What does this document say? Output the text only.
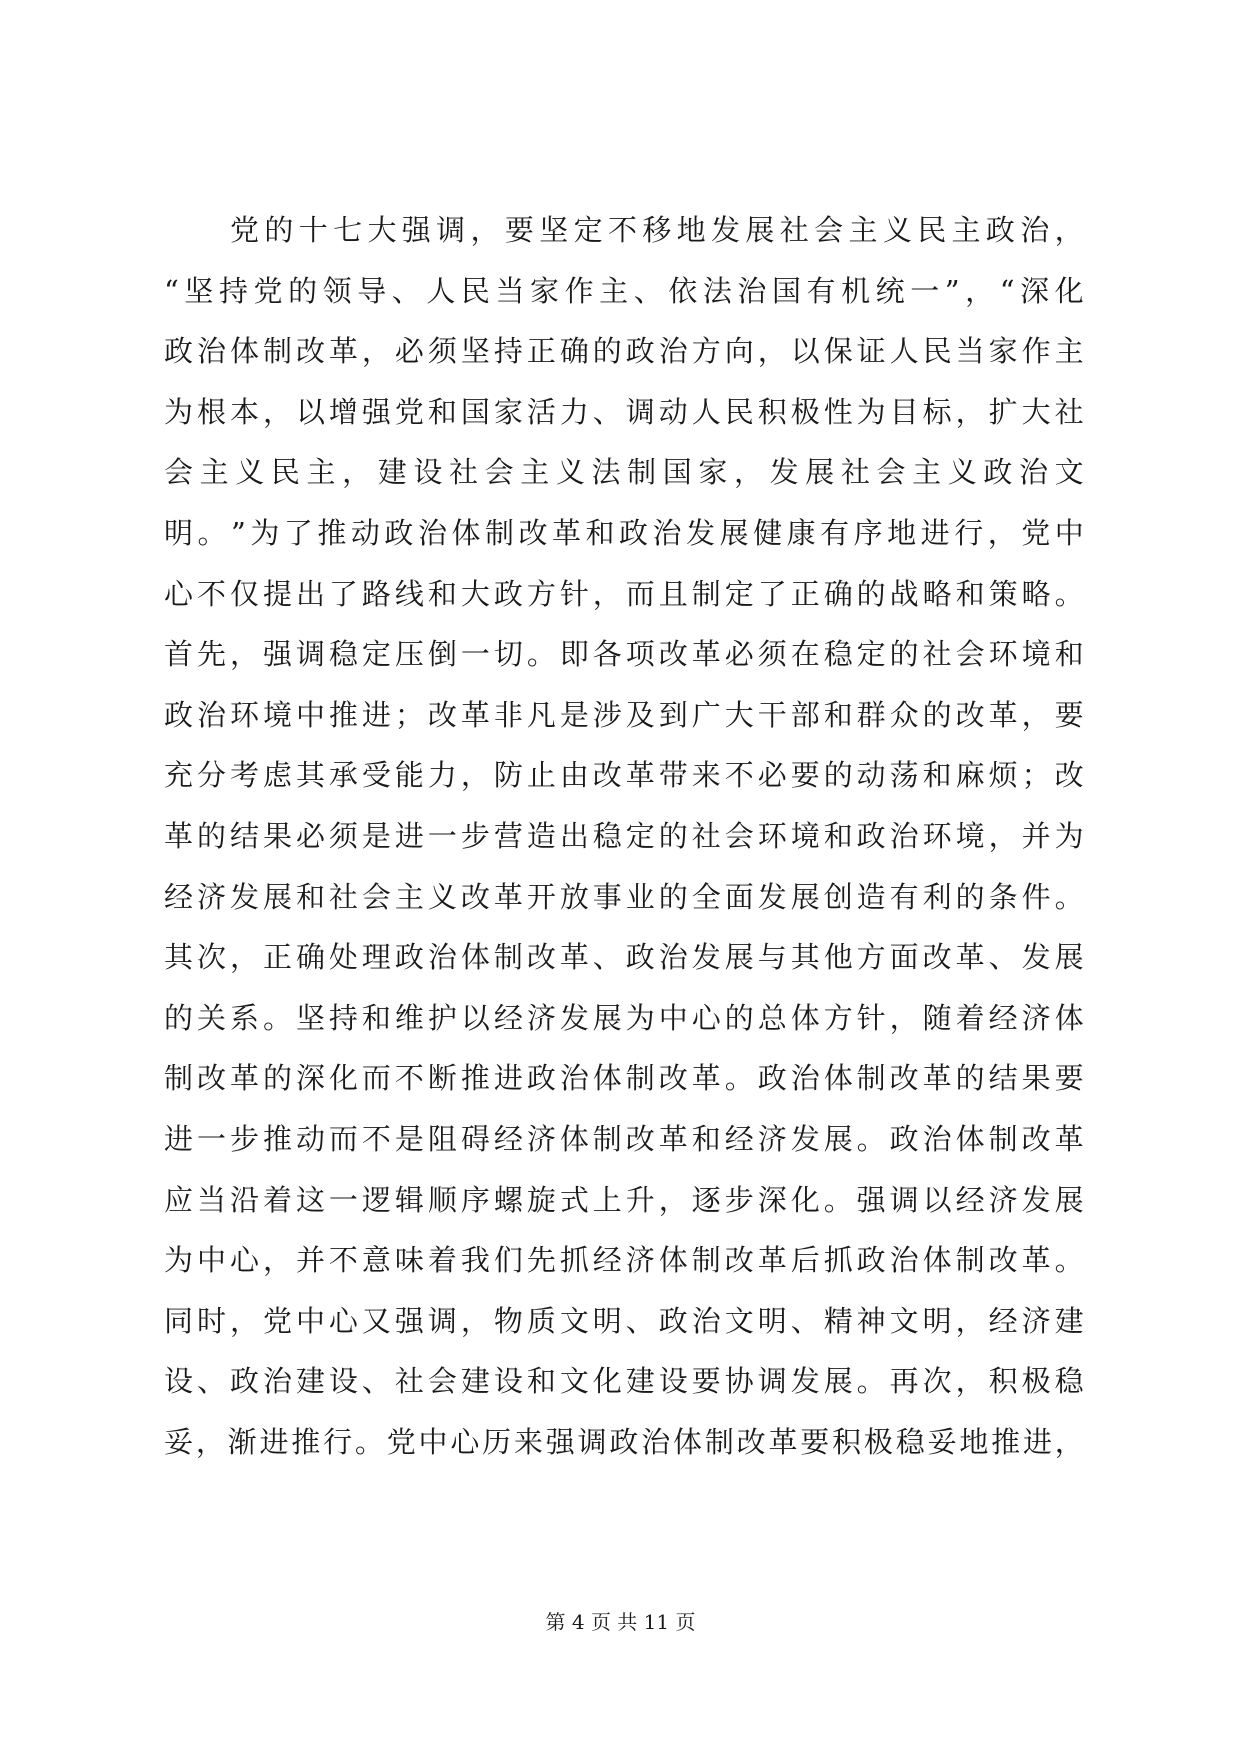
党 的 十 七 大 强 调 ， 要 坚 定 不 移 地 发 展 社 会 主 义 民 主 政 治 ，
“ 坚 持 党 的 领 导 、 人 民 当 家 作 主 、 依 法 治 国 有 机 统 一 ” ， “ 深 化
政 治 体 制 改 革 ， 必 须 坚 持 正 确 的 政 治 方 向 ， 以 保 证 人 民 当 家 作 主
为 根 本 ， 以 增 强 党 和 国 家 活 力 、 调 动 人 民 积 极 性 为 目 标 ， 扩 大 社
会 主 义 民 主 ， 建 设 社 会 主 义 法 制 国 家 ， 发 展 社 会 主 义 政 治 文
明 。 ” 为 了 推 动 政 治 体 制 改 革 和 政 治 发 展 健 康 有 序 地 进 行 ， 党 中
心 不 仅 提 出 了 路 线 和 大 政 方 针 ， 而 且 制 定 了 正 确 的 战 略 和 策 略 。
首 先 ， 强 调 稳 定 压 倒 一 切 。 即 各 项 改 革 必 须 在 稳 定 的 社 会 环 境 和
政 治 环 境 中 推 进 ； 改 革 非 凡 是 涉 及 到 广 大 干 部 和 群 众 的 改 革 ， 要
充 分 考 虑 其 承 受 能 力 ， 防 止 由 改 革 带 来 不 必 要 的 动 荡 和 麻 烦 ； 改
革 的 结 果 必 须 是 进 一 步 营 造 出 稳 定 的 社 会 环 境 和 政 治 环 境 ， 并 为
经 济 发 展 和 社 会 主 义 改 革 开 放 事 业 的 全 面 发 展 创 造 有 利 的 条 件 。
其 次 ， 正 确 处 理 政 治 体 制 改 革 、 政 治 发 展 与 其 他 方 面 改 革 、 发 展
的 关 系 。 坚 持 和 维 护 以 经 济 发 展 为 中 心 的 总 体 方 针 ， 随 着 经 济 体
制 改 革 的 深 化 而 不 断 推 进 政 治 体 制 改 革 。 政 治 体 制 改 革 的 结 果 要
进 一 步 推 动 而 不 是 阻 碍 经 济 体 制 改 革 和 经 济 发 展 。 政 治 体 制 改 革
应 当 沿 着 这 一 逻 辑 顺 序 螺 旋 式 上 升 ， 逐 步 深 化 。 强 调 以 经 济 发 展
为 中 心 ， 并 不 意 味 着 我 们 先 抓 经 济 体 制 改 革 后 抓 政 治 体 制 改 革 。
同 时 ， 党 中 心 又 强 调 ， 物 质 文 明 、 政 治 文 明 、 精 神 文 明 ， 经 济 建
设 、 政 治 建 设 、 社 会 建 设 和 文 化 建 设 要 协 调 发 展 。 再 次 ， 积 极 稳
妥 ， 渐 进 推 行 。 党 中 心 历 来 强 调 政 治 体 制 改 革 要 积 极 稳 妥 地 推 进 ，
第 4 页 共 11 页
